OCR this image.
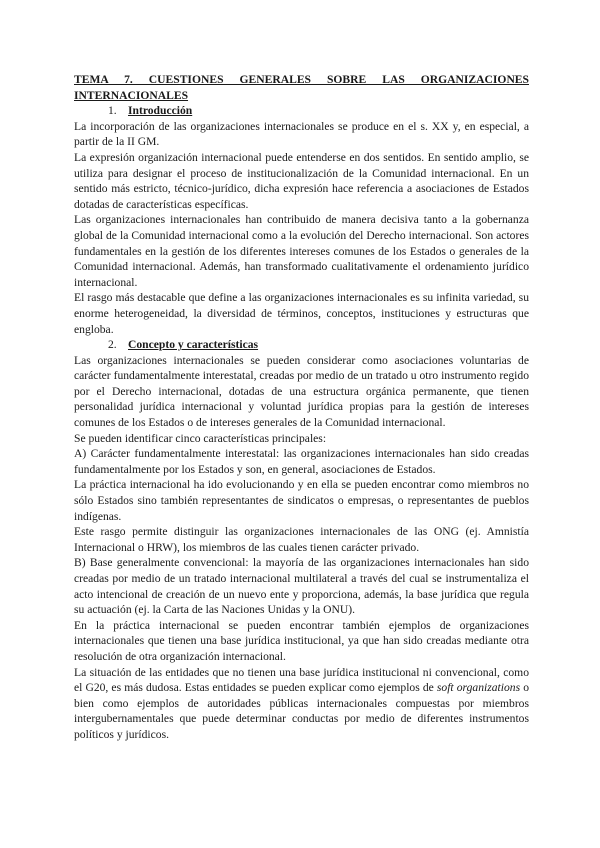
TEMA 7. CUESTIONES GENERALES SOBRE LAS ORGANIZACIONES INTERNACIONALES
1. Introducción

La incorporación de las organizaciones internacionales se produce en el s. XX y, en especial, a partir de la II GM.

La expresión organización internacional puede entenderse en dos sentidos. En sentido amplio, se utiliza para designar el proceso de institucionalización de la Comunidad internacional. En un sentido más estricto, técnico-jurídico, dicha expresión hace referencia a asociaciones de Estados dotadas de características específicas.

Las organizaciones internacionales han contribuido de manera decisiva tanto a la gobernanza global de la Comunidad internacional como a la evolución del Derecho internacional. Son actores fundamentales en la gestión de los diferentes intereses comunes de los Estados o generales de la Comunidad internacional. Además, han transformado cualitativamente el ordenamiento jurídico internacional.

El rasgo más destacable que define a las organizaciones internacionales es su infinita variedad, su enorme heterogeneidad, la diversidad de términos, conceptos, instituciones y estructuras que engloba.

2. Concepto y características

Las organizaciones internacionales se pueden considerar como asociaciones voluntarias de carácter fundamentalmente interestatal, creadas por medio de un tratado u otro instrumento regido por el Derecho internacional, dotadas de una estructura orgánica permanente, que tienen personalidad jurídica internacional y voluntad jurídica propias para la gestión de intereses comunes de los Estados o de intereses generales de la Comunidad internacional.

Se pueden identificar cinco características principales:

A) Carácter fundamentalmente interestatal: las organizaciones internacionales han sido creadas fundamentalmente por los Estados y son, en general, asociaciones de Estados.

La práctica internacional ha ido evolucionando y en ella se pueden encontrar como miembros no sólo Estados sino también representantes de sindicatos o empresas, o representantes de pueblos indígenas.

Este rasgo permite distinguir las organizaciones internacionales de las ONG (ej. Amnistía Internacional o HRW), los miembros de las cuales tienen carácter privado.

B) Base generalmente convencional: la mayoría de las organizaciones internacionales han sido creadas por medio de un tratado internacional multilateral a través del cual se instrumentaliza el acto intencional de creación de un nuevo ente y proporciona, además, la base jurídica que regula su actuación (ej. la Carta de las Naciones Unidas y la ONU).

En la práctica internacional se pueden encontrar también ejemplos de organizaciones internacionales que tienen una base jurídica institucional, ya que han sido creadas mediante otra resolución de otra organización internacional.

La situación de las entidades que no tienen una base jurídica institucional ni convencional, como el G20, es más dudosa. Estas entidades se pueden explicar como ejemplos de soft organizations o bien como ejemplos de autoridades públicas internacionales compuestas por miembros intergubernamentales que puede determinar conductas por medio de diferentes instrumentos políticos y jurídicos.
